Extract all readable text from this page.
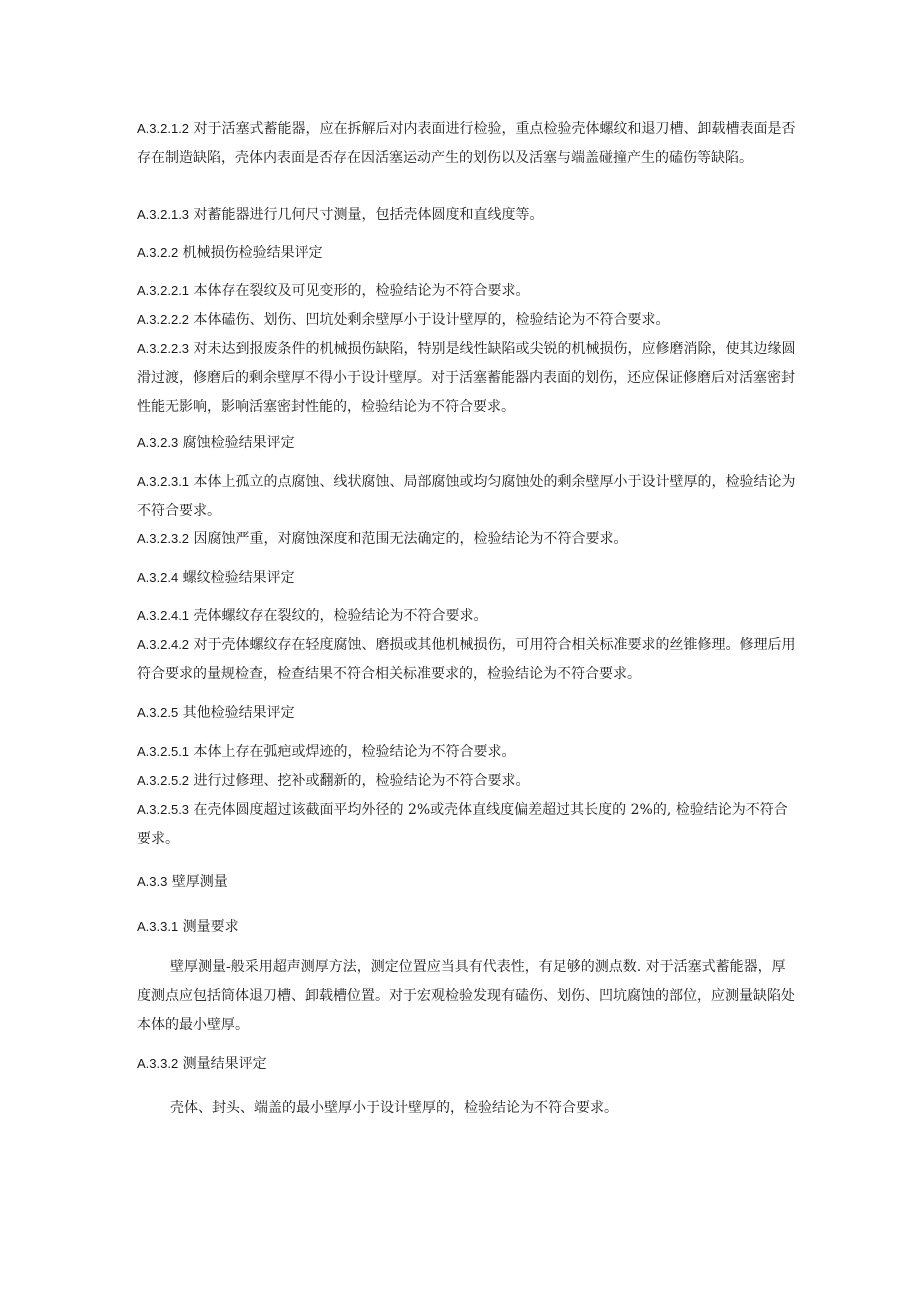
A.3.2.1.2 对于活塞式蓄能器，应在拆解后对内表面进行检验，重点检验壳体螺纹和退刀槽、卸载槽表面是否存在制造缺陷，壳体内表面是否存在因活塞运动产生的划伤以及活塞与端盖碰撞产生的磕伤等缺陷。

A.3.2.1.3 对蓄能器进行几何尺寸测量，包括壳体圆度和直线度等。

A.3.2.2 机械损伤检验结果评定

A.3.2.2.1 本体存在裂纹及可见变形的，检验结论为不符合要求。

A.3.2.2.2 本体磕伤、划伤、凹坑处剩余壁厚小于设计壁厚的，检验结论为不符合要求。

A.3.2.2.3 对未达到报废条件的机械损伤缺陷，特别是线性缺陷或尖锐的机械损伤，应修磨消除，使其边缘圆滑过渡，修磨后的剩余壁厚不得小于设计壁厚。对于活塞蓄能器内表面的划伤，还应保证修磨后对活塞密封性能无影响，影响活塞密封性能的，检验结论为不符合要求。

A.3.2.3 腐蚀检验结果评定

A.3.2.3.1 本体上孤立的点腐蚀、线状腐蚀、局部腐蚀或均匀腐蚀处的剩余壁厚小于设计壁厚的，检验结论为不符合要求。

A.3.2.3.2 因腐蚀严重，对腐蚀深度和范围无法确定的，检验结论为不符合要求。

A.3.2.4 螺纹检验结果评定

A.3.2.4.1 壳体螺纹存在裂纹的，检验结论为不符合要求。

A.3.2.4.2 对于壳体螺纹存在轻度腐蚀、磨损或其他机械损伤，可用符合相关标准要求的丝锥修理。修理后用符合要求的量规检查，检查结果不符合相关标准要求的，检验结论为不符合要求。

A.3.2.5 其他检验结果评定

A.3.2.5.1 本体上存在弧疤或焊迹的，检验结论为不符合要求。

A.3.2.5.2 进行过修理、挖补或翻新的，检验结论为不符合要求。

A.3.2.5.3 在壳体圆度超过该截面平均外径的 2%或壳体直线度偏差超过其长度的 2%的, 检验结论为不符合要求。

A.3.3 壁厚测量

A.3.3.1 测量要求

壁厚测量-般采用超声测厚方法，测定位置应当具有代表性，有足够的测点数. 对于活塞式蓄能器，厚度测点应包括筒体退刀槽、卸载槽位置。对于宏观检验发现有磕伤、划伤、凹坑腐蚀的部位，应测量缺陷处本体的最小壁厚。

A.3.3.2 测量结果评定

壳体、封头、端盖的最小壁厚小于设计壁厚的，检验结论为不符合要求。
